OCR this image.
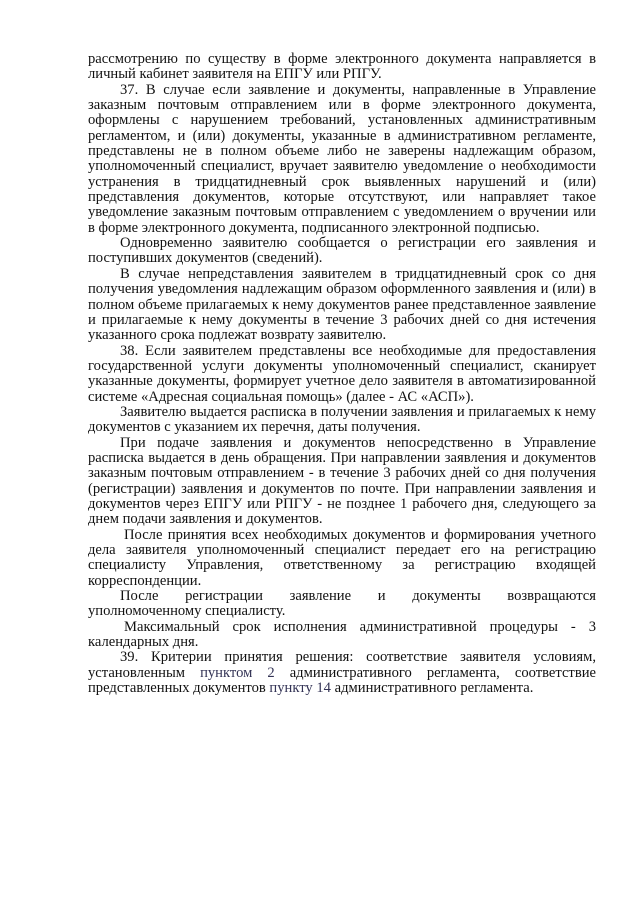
рассмотрению по существу в форме электронного документа направляется в личный кабинет заявителя на ЕПГУ или РПГУ.

37. В случае если заявление и документы, направленные в Управление заказным почтовым отправлением или в форме электронного документа, оформлены с нарушением требований, установленных административным регламентом, и (или) документы, указанные в административном регламенте, представлены не в полном объеме либо не заверены надлежащим образом, уполномоченный специалист, вручает заявителю уведомление о необходимости устранения в тридцатидневный срок выявленных нарушений и (или) представления документов, которые отсутствуют, или направляет такое уведомление заказным почтовым отправлением с уведомлением о вручении или в форме электронного документа, подписанного электронной подписью.

Одновременно заявителю сообщается о регистрации его заявления и поступивших документов (сведений).

В случае непредставления заявителем в тридцатидневный срок со дня получения уведомления надлежащим образом оформленного заявления и (или) в полном объеме прилагаемых к нему документов ранее представленное заявление и прилагаемые к нему документы в течение 3 рабочих дней со дня истечения указанного срока подлежат возврату заявителю.

38. Если заявителем представлены все необходимые для предоставления государственной услуги документы уполномоченный специалист, сканирует указанные документы, формирует учетное дело заявителя в автоматизированной системе «Адресная социальная помощь» (далее - АС «АСП»).

Заявителю выдается расписка в получении заявления и прилагаемых к нему документов с указанием их перечня, даты получения.

При подаче заявления и документов непосредственно в Управление расписка выдается в день обращения. При направлении заявления и документов заказным почтовым отправлением - в течение 3 рабочих дней со дня получения (регистрации) заявления и документов по почте. При направлении заявления и документов через ЕПГУ или РПГУ - не позднее 1 рабочего дня, следующего за днем подачи заявления и документов.

После принятия всех необходимых документов и формирования учетного дела заявителя уполномоченный специалист передает его на регистрацию специалисту Управления, ответственному за регистрацию входящей корреспонденции.

После регистрации заявление и документы возвращаются уполномоченному специалисту.

Максимальный срок исполнения административной процедуры - 3 календарных дня.

39. Критерии принятия решения: соответствие заявителя условиям, установленным пунктом 2 административного регламента, соответствие представленных документов пункту 14 административного регламента.
